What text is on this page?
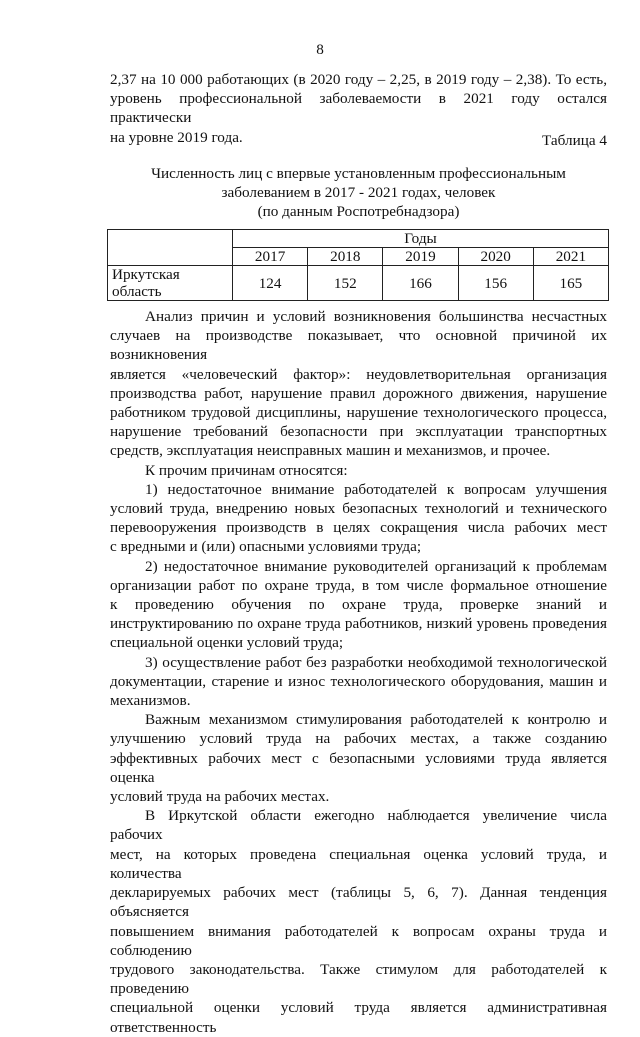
8
2,37 на 10 000 работающих (в 2020 году – 2,25, в 2019 году – 2,38). То есть,
уровень профессиональной заболеваемости в 2021 году остался практически
на уровне 2019 года.	Таблица 4
Численность лиц с впервые установленным профессиональным
заболеванием в 2017 - 2021 годах, человек
(по данным Роспотребнадзора)
	Годы				
	2017	2018	2019	2020	2021
Иркутская область	124	152	166	156	165
Анализ причин и условий возникновения большинства несчастных
случаев на производстве показывает, что основной причиной их возникновения
является «человеческий фактор»: неудовлетворительная организация
производства работ, нарушение правил дорожного движения, нарушение
работником трудовой дисциплины, нарушение технологического процесса,
нарушение требований безопасности при эксплуатации транспортных
средств, эксплуатация неисправных машин и механизмов, и прочее.
К прочим причинам относятся:
1) недостаточное внимание работодателей к вопросам улучшения
условий труда, внедрению новых безопасных технологий и технического
перевооружения производств в целях сокращения числа рабочих мест
с вредными и (или) опасными условиями труда;
2) недостаточное внимание руководителей организаций к проблемам
организации работ по охране труда, в том числе формальное отношение
к проведению обучения по охране труда, проверке знаний и
инструктированию по охране труда работников, низкий уровень проведения
специальной оценки условий труда;
3) осуществление работ без разработки необходимой технологической
документации, старение и износ технологического оборудования, машин и
механизмов.
Важным механизмом стимулирования работодателей к контролю и
улучшению условий труда на рабочих местах, а также созданию
эффективных рабочих мест с безопасными условиями труда является оценка
условий труда на рабочих местах.
В Иркутской области ежегодно наблюдается увеличение числа рабочих
мест, на которых проведена специальная оценка условий труда, и количества
декларируемых рабочих мест (таблицы 5, 6, 7). Данная тенденция объясняется
повышением внимания работодателей к вопросам охраны труда и соблюдению
трудового законодательства. Также стимулом для работодателей к проведению
специальной оценки условий труда является административная ответственность
